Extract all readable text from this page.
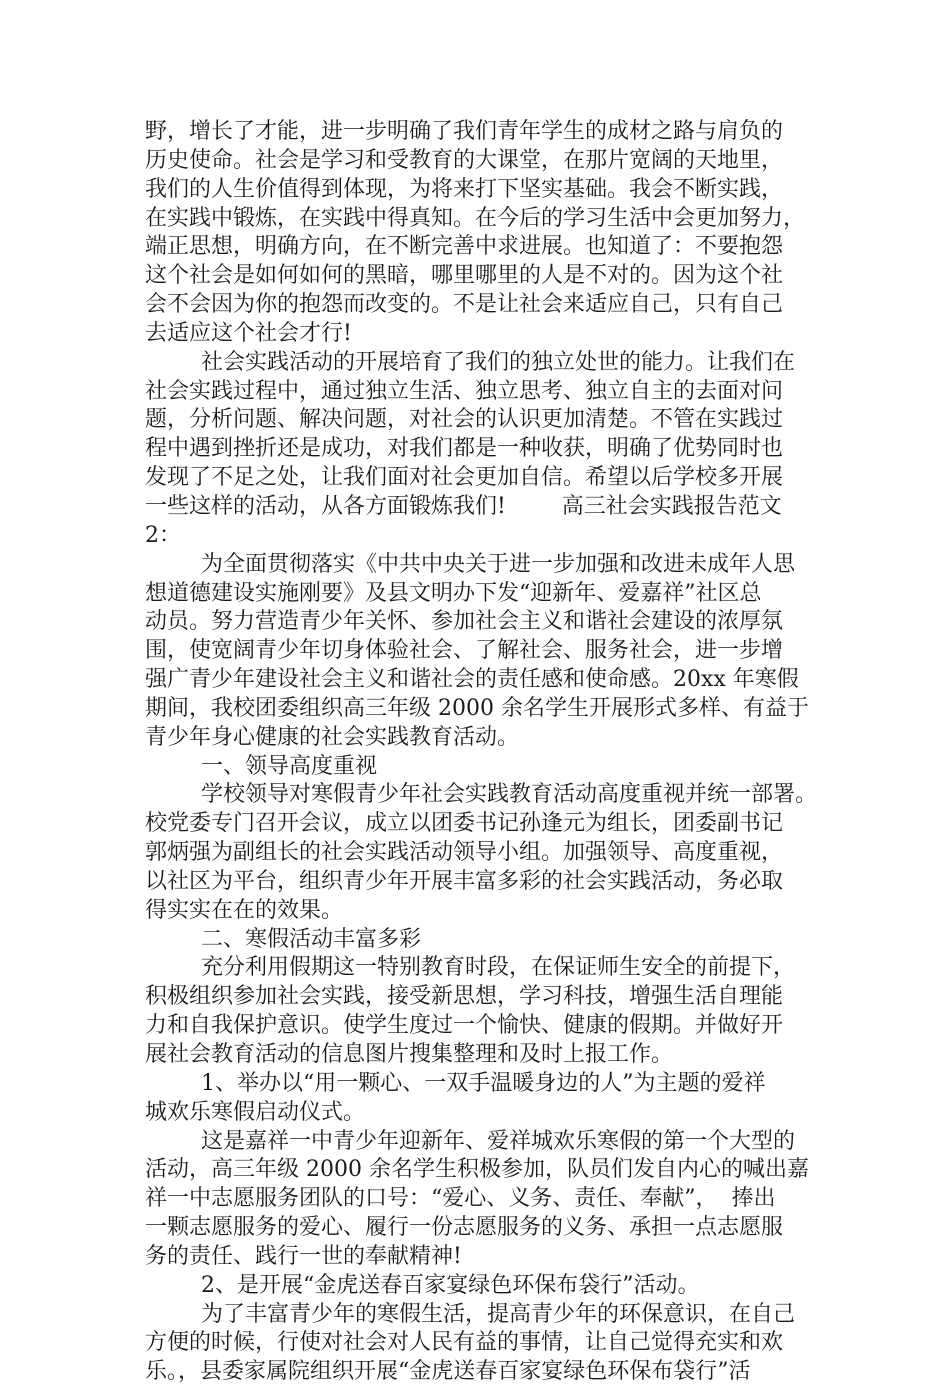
野，增长了才能，进一步明确了我们青年学生的成材之路与肩负的
历史使命。社会是学习和受教育的大课堂，在那片宽阔的天地里，
我们的人生价值得到体现，为将来打下坚实基础。我会不断实践，
在实践中锻炼，在实践中得真知。在今后的学习生活中会更加努力，
端正思想，明确方向，在不断完善中求进展。也知道了：不要抱怨
这个社会是如何如何的黑暗，哪里哪里的人是不对的。因为这个社
会不会因为你的抱怨而改变的。不是让社会来适应自己，只有自己
去适应这个社会才行!
社会实践活动的开展培育了我们的独立处世的能力。让我们在
社会实践过程中，通过独立生活、独立思考、独立自主的去面对问
题，分析问题、解决问题，对社会的认识更加清楚。不管在实践过
程中遇到挫折还是成功，对我们都是一种收获，明确了优势同时也
发现了不足之处，让我们面对社会更加自信。希望以后学校多开展
一些这样的活动，从各方面锻炼我们!        高三社会实践报告范文
2：
为全面贯彻落实《中共中央关于进一步加强和改进未成年人思
想道德建设实施刚要》及县文明办下发“迎新年、爱嘉祥”社区总
动员。努力营造青少年关怀、参加社会主义和谐社会建设的浓厚氛
围，使宽阔青少年切身体验社会、了解社会、服务社会，进一步增
强广青少年建设社会主义和谐社会的责任感和使命感。20xx 年寒假
期间，我校团委组织高三年级 2000 余名学生开展形式多样、有益于
青少年身心健康的社会实践教育活动。
一、领导高度重视
学校领导对寒假青少年社会实践教育活动高度重视并统一部署。
校党委专门召开会议，成立以团委书记孙逢元为组长，团委副书记
郭炳强为副组长的社会实践活动领导小组。加强领导、高度重视，
以社区为平台，组织青少年开展丰富多彩的社会实践活动，务必取
得实实在在的效果。
二、寒假活动丰富多彩
充分利用假期这一特别教育时段，在保证师生安全的前提下，
积极组织参加社会实践，接受新思想，学习科技，增强生活自理能
力和自我保护意识。使学生度过一个愉快、健康的假期。并做好开
展社会教育活动的信息图片搜集整理和及时上报工作。
1、举办以“用一颗心、一双手温暖身边的人”为主题的爱祥
城欢乐寒假启动仪式。
这是嘉祥一中青少年迎新年、爱祥城欢乐寒假的第一个大型的
活动，高三年级 2000 余名学生积极参加，队员们发自内心的喊出嘉
祥一中志愿服务团队的口号：“爱心、义务、责任、奉献”，  捧出
一颗志愿服务的爱心、履行一份志愿服务的义务、承担一点志愿服
务的责任、践行一世的奉献精神!
2、是开展“金虎送春百家宴绿色环保布袋行”活动。
为了丰富青少年的寒假生活，提高青少年的环保意识，在自己
方便的时候，行使对社会对人民有益的事情，让自己觉得充实和欢
乐。，县委家属院组织开展“金虎送春百家宴绿色环保布袋行”活
